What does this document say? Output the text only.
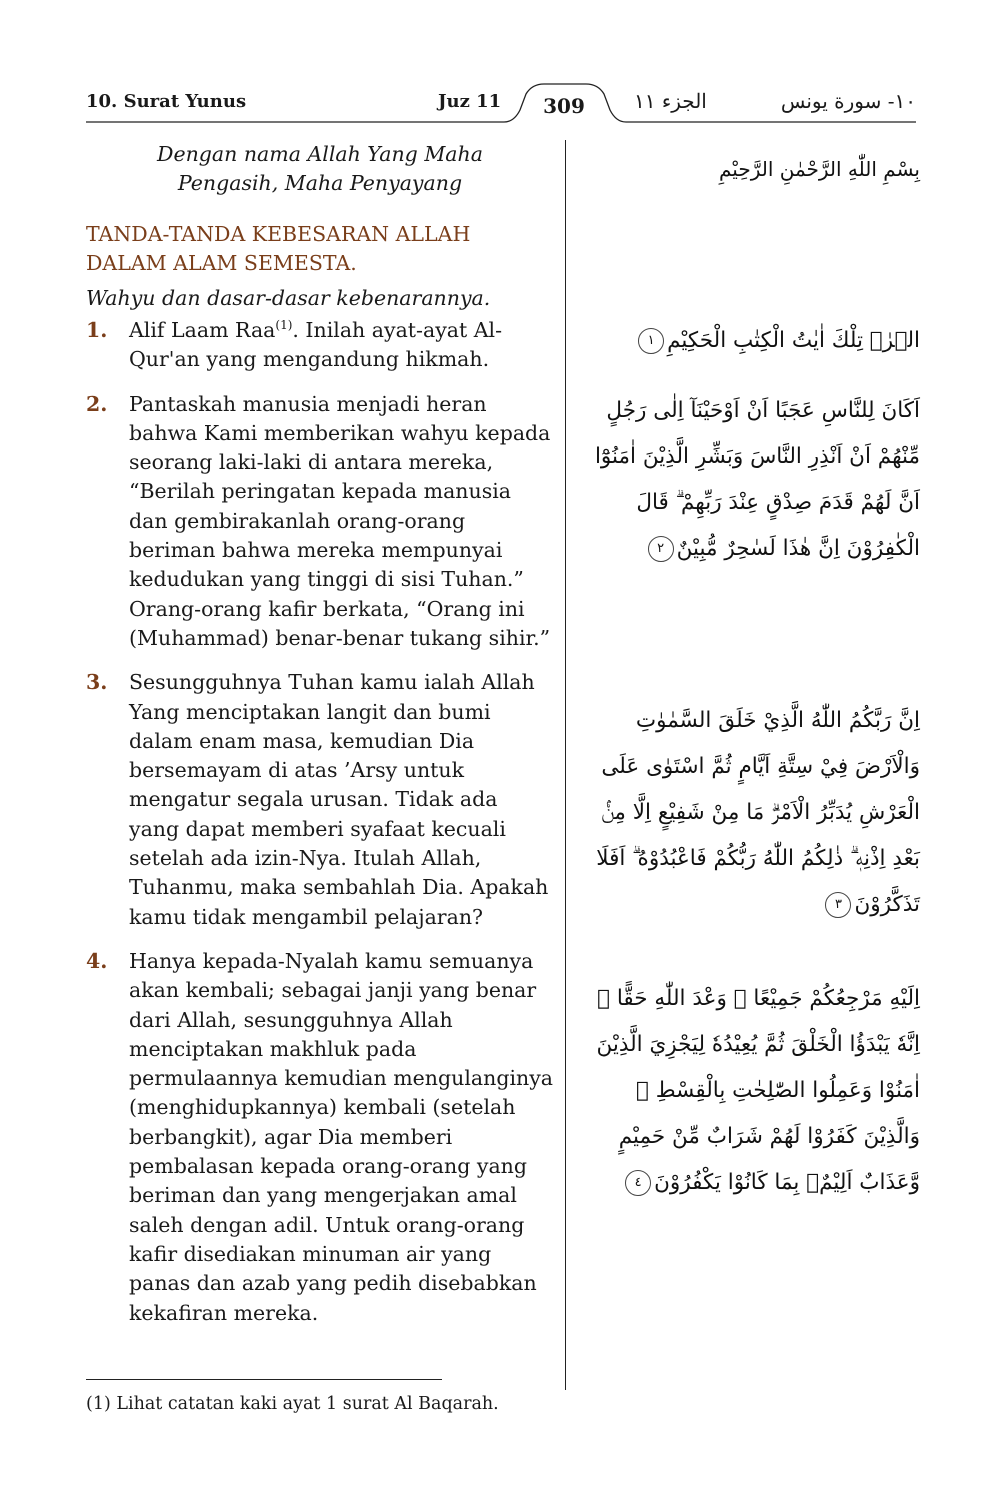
10. Surat Yunus	Juz 11	309	الجزء ١١	١٠- سورة يونس
Dengan nama Allah Yang Maha
Pengasih, Maha Penyayang
TANDA-TANDA KEBESARAN ALLAH
DALAM ALAM SEMESTA.
Wahyu dan dasar-dasar kebenarannya.
1.	Alif Laam Raa$^{(1)}$. Inilah ayat-ayat Al-Qur'an yang mengandung hikmah.
2.	Pantaskah manusia menjadi heran bahwa Kami memberikan wahyu kepada seorang laki-laki di antara mereka, “Berilah peringatan kepada manusia dan gembirakanlah orang-orang beriman bahwa mereka mempunyai kedudukan yang tinggi di sisi Tuhan.” Orang-orang kafir berkata, “Orang ini (Muhammad) benar-benar tukang sihir.”
3.	Sesungguhnya Tuhan kamu ialah Allah Yang menciptakan langit dan bumi dalam enam masa, kemudian Dia bersemayam di atas ’Arsy untuk mengatur segala urusan. Tidak ada yang dapat memberi syafaat kecuali setelah ada izin-Nya. Itulah Allah, Tuhanmu, maka sembahlah Dia. Apakah kamu tidak mengambil pelajaran?
4.	Hanya kepada-Nyalah kamu semuanya akan kembali; sebagai janji yang benar dari Allah, sesungguhnya Allah menciptakan makhluk pada permulaannya kemudian mengulanginya (menghidupkannya) kembali (setelah berbangkit), agar Dia memberi pembalasan kepada orang-orang yang beriman dan yang mengerjakan amal saleh dengan adil. Untuk orang-orang kafir disediakan minuman air yang panas dan azab yang pedih disebabkan kekafiran mereka.
بِسْمِ اللّٰهِ الرَّحْمٰنِ الرَّحِيْمِ
الۤرٰۗ تِلْكَ اٰيٰتُ الْكِتٰبِ الْحَكِيْمِ١
اَكَانَ لِلنَّاسِ عَجَبًا اَنْ اَوْحَيْنَآ اِلٰى رَجُلٍ مِّنْهُمْ اَنْ اَنْذِرِ النَّاسَ وَبَشِّرِ الَّذِيْنَ اٰمَنُوْٓا اَنَّ لَهُمْ قَدَمَ صِدْقٍ عِنْدَ رَبِّهِمْ ۗ قَالَ الْكٰفِرُوْنَ اِنَّ هٰذَا لَسٰحِرٌ مُّبِيْنٌ٢
اِنَّ رَبَّكُمُ اللّٰهُ الَّذِيْ خَلَقَ السَّمٰوٰتِ وَالْاَرْضَ فِيْ سِتَّةِ اَيَّامٍ ثُمَّ اسْتَوٰى عَلَى الْعَرْشِ يُدَبِّرُ الْاَمْرَۗ مَا مِنْ شَفِيْعٍ اِلَّا مِنْۢ بَعْدِ اِذْنِهٖ ۗ ذٰلِكُمُ اللّٰهُ رَبُّكُمْ فَاعْبُدُوْهُ ۗ اَفَلَا تَذَكَّرُوْنَ٣
اِلَيْهِ مَرْجِعُكُمْ جَمِيْعًا ۗ وَعْدَ اللّٰهِ حَقًّا ۗ اِنَّهٗ يَبْدَؤُا الْخَلْقَ ثُمَّ يُعِيْدُهٗ لِيَجْزِيَ الَّذِيْنَ اٰمَنُوْا وَعَمِلُوا الصّٰلِحٰتِ بِالْقِسْطِ ۗ وَالَّذِيْنَ كَفَرُوْا لَهُمْ شَرَابٌ مِّنْ حَمِيْمٍ وَّعَذَابٌ اَلِيْمٌۢ بِمَا كَانُوْا يَكْفُرُوْنَ٤
(1) Lihat catatan kaki ayat 1 surat Al Baqarah.
